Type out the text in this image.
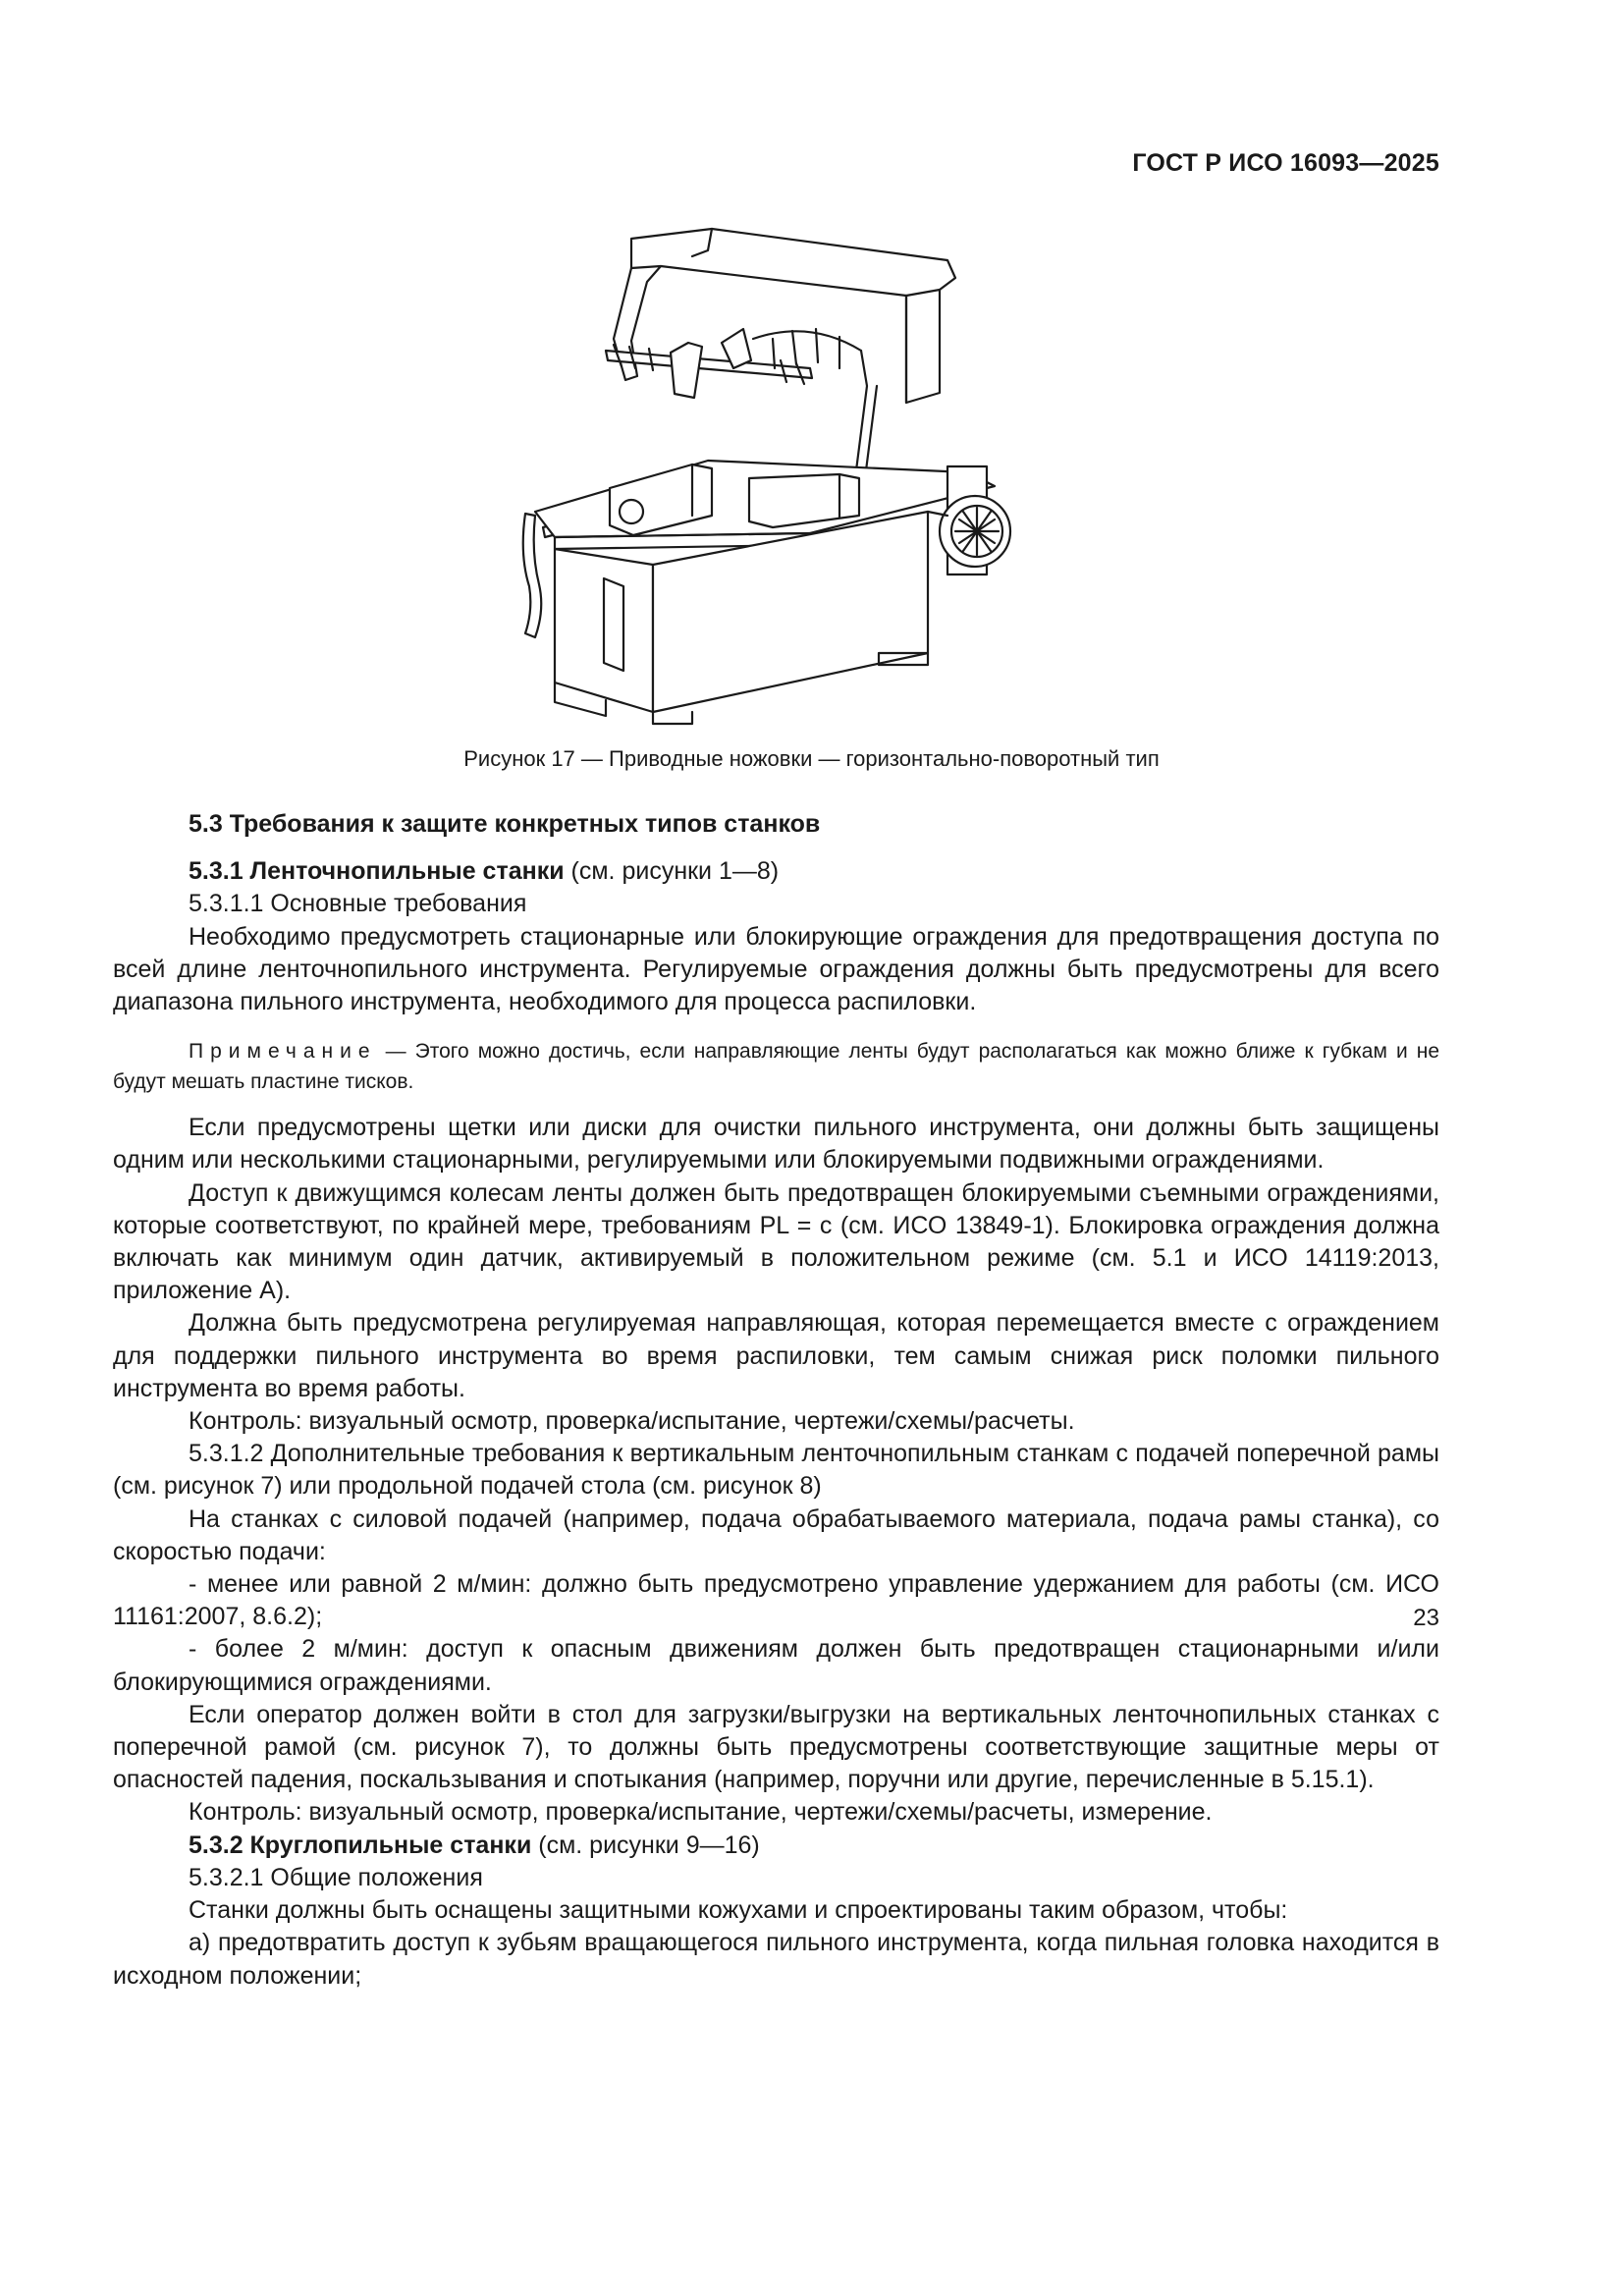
ГОСТ Р ИСО 16093—2025
Рисунок 17 — Приводные ножовки — горизонтально-поворотный тип

5.3 Требования к защите конкретных типов станков

5.3.1 Ленточнопильные станки (см. рисунки 1—8)

5.3.1.1 Основные требования

Необходимо предусмотреть стационарные или блокирующие ограждения для предотвращения доступа по всей длине ленточнопильного инструмента. Регулируемые ограждения должны быть предусмотрены для всего диапазона пильного инструмента, необходимого для процесса распиловки.

Примечание — Этого можно достичь, если направляющие ленты будут располагаться как можно ближе к губкам и не будут мешать пластине тисков.

Если предусмотрены щетки или диски для очистки пильного инструмента, они должны быть защищены одним или несколькими стационарными, регулируемыми или блокируемыми подвижными ограждениями.

Доступ к движущимся колесам ленты должен быть предотвращен блокируемыми съемными ограждениями, которые соответствуют, по крайней мере, требованиям PL = c (см. ИСО 13849-1). Блокировка ограждения должна включать как минимум один датчик, активируемый в положительном режиме (см. 5.1 и ИСО 14119:2013, приложение А).

Должна быть предусмотрена регулируемая направляющая, которая перемещается вместе с ограждением для поддержки пильного инструмента во время распиловки, тем самым снижая риск поломки пильного инструмента во время работы.

Контроль: визуальный осмотр, проверка/испытание, чертежи/схемы/расчеты.

5.3.1.2 Дополнительные требования к вертикальным ленточнопильным станкам с подачей поперечной рамы (см. рисунок 7) или продольной подачей стола (см. рисунок 8)

На станках с силовой подачей (например, подача обрабатываемого материала, подача рамы станка), со скоростью подачи:

- менее или равной 2 м/мин: должно быть предусмотрено управление удержанием для работы (см. ИСО 11161:2007, 8.6.2);

- более 2 м/мин: доступ к опасным движениям должен быть предотвращен стационарными и/или блокирующимися ограждениями.

Если оператор должен войти в стол для загрузки/выгрузки на вертикальных ленточнопильных станках с поперечной рамой (см. рисунок 7), то должны быть предусмотрены соответствующие защитные меры от опасностей падения, поскальзывания и спотыкания (например, поручни или другие, перечисленные в 5.15.1).

Контроль: визуальный осмотр, проверка/испытание, чертежи/схемы/расчеты, измерение.

5.3.2 Круглопильные станки (см. рисунки 9—16)

5.3.2.1 Общие положения

Станки должны быть оснащены защитными кожухами и спроектированы таким образом, чтобы:

а) предотвратить доступ к зубьям вращающегося пильного инструмента, когда пильная головка находится в исходном положении;

23
